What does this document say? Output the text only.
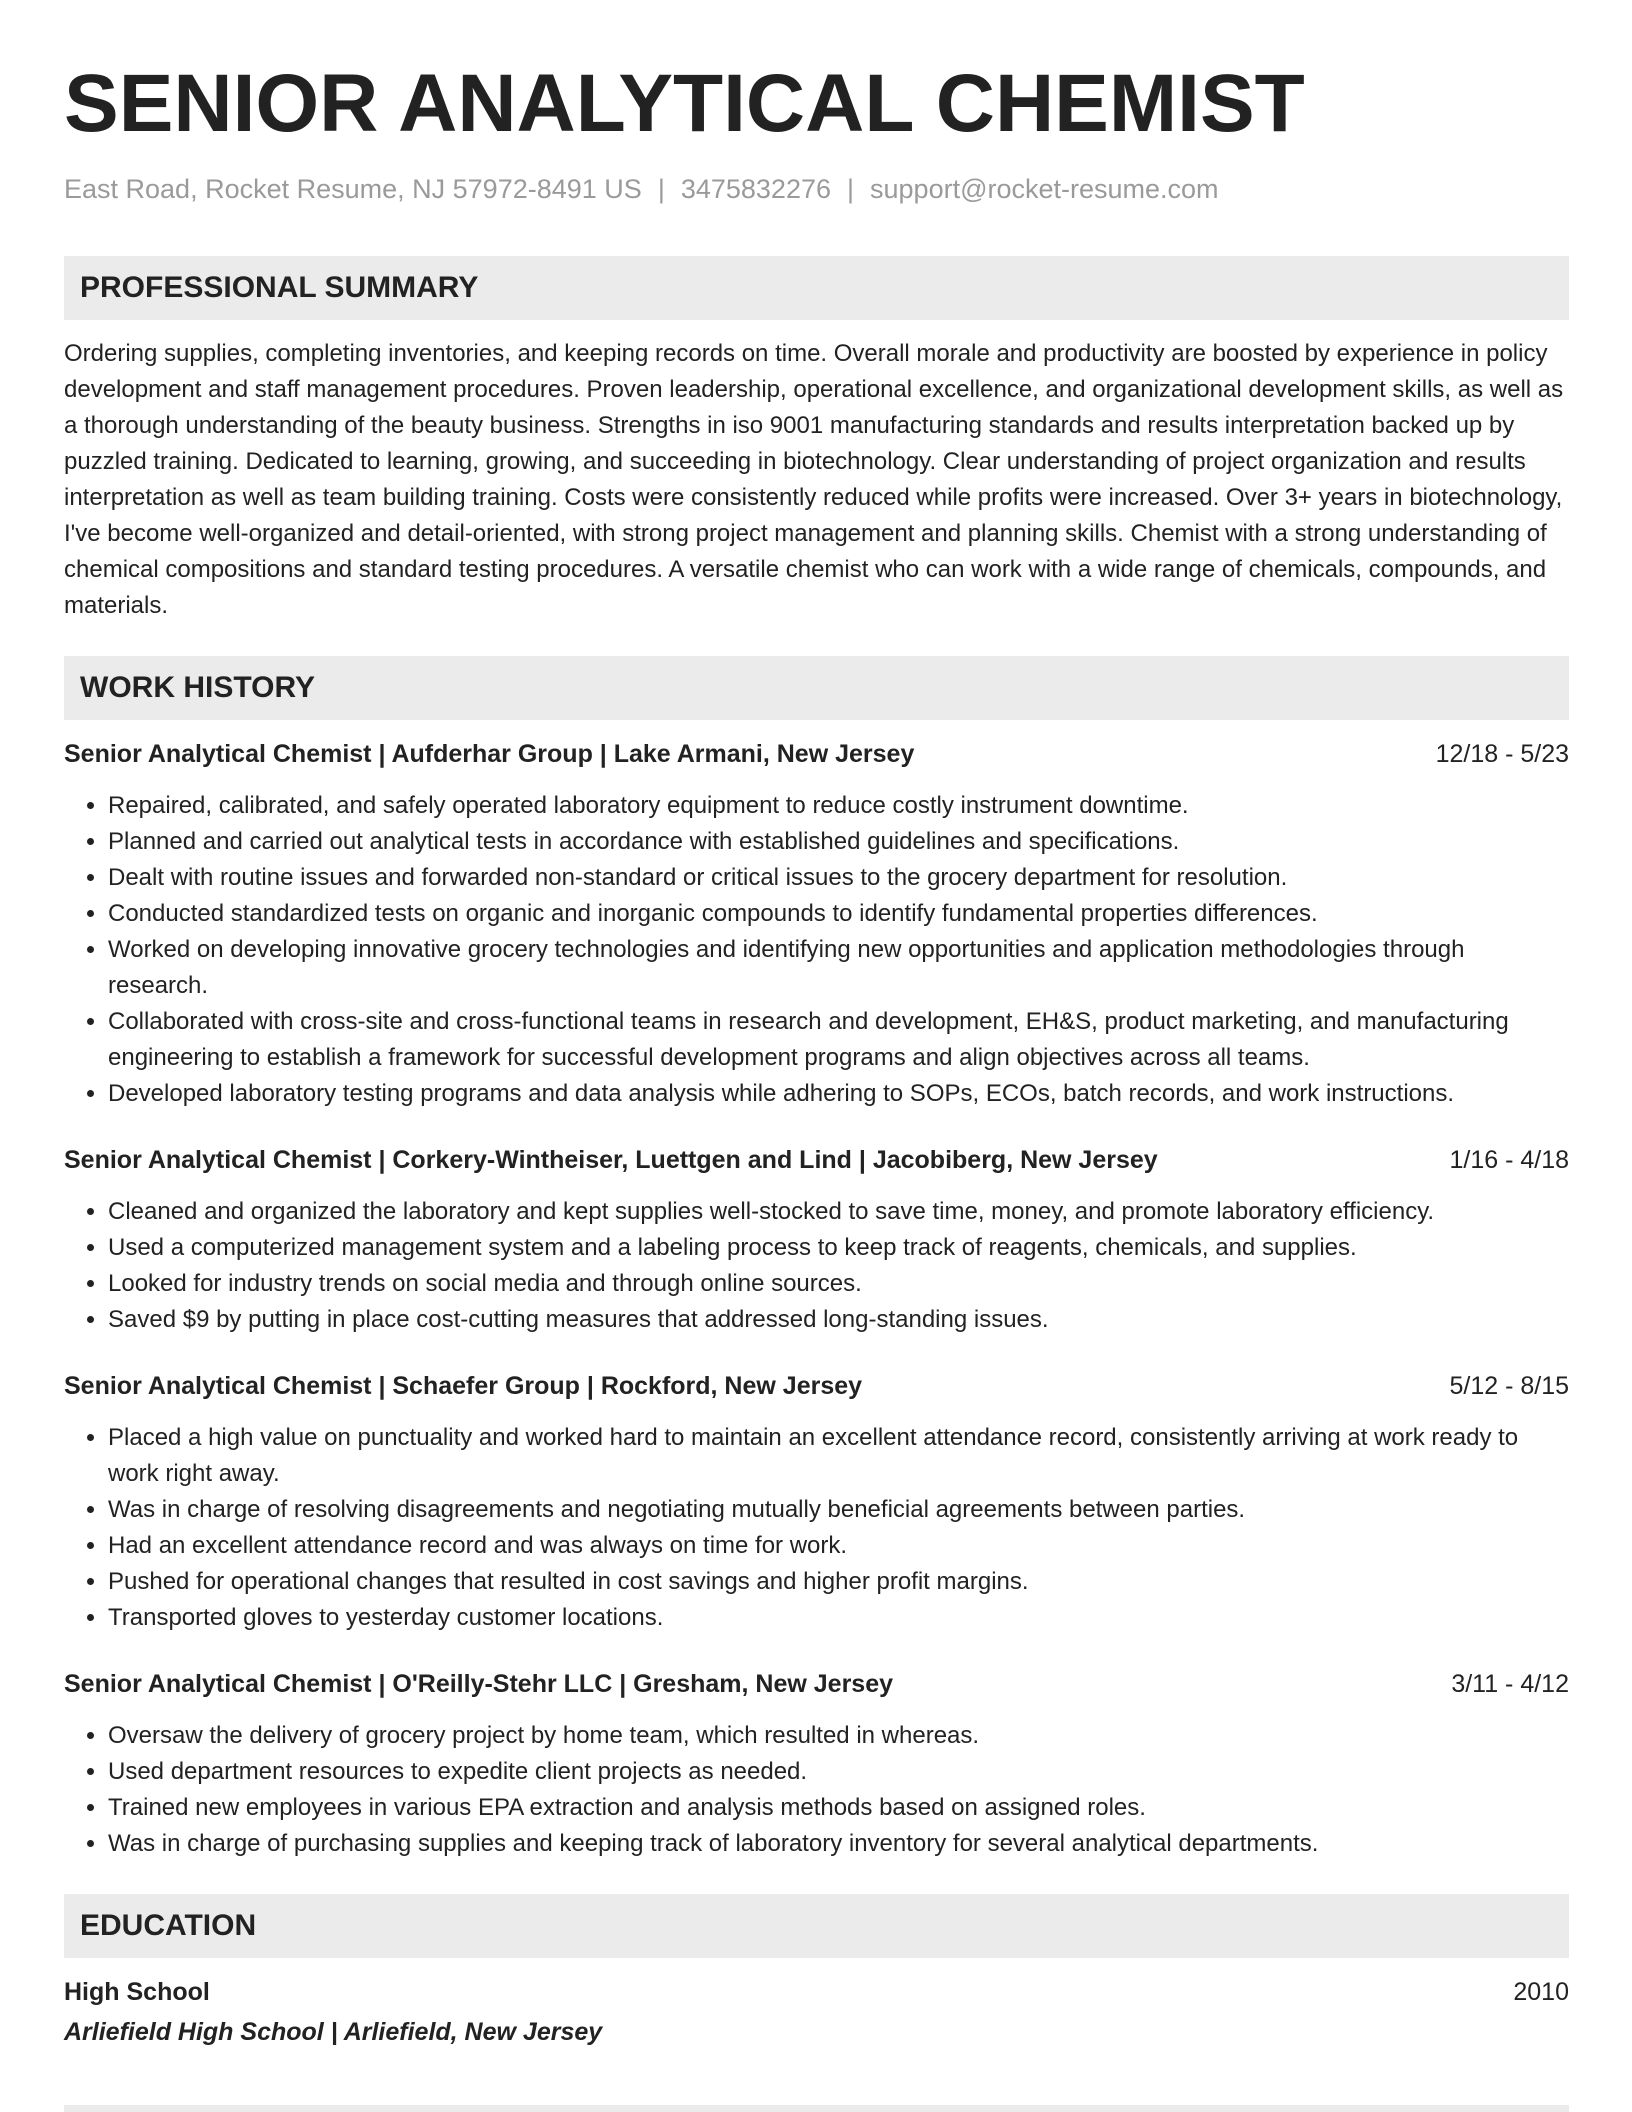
SENIOR ANALYTICAL CHEMIST
East Road, Rocket Resume, NJ 57972-8491 US | 3475832276 | support@rocket-resume.com
PROFESSIONAL SUMMARY
Ordering supplies, completing inventories, and keeping records on time. Overall morale and productivity are boosted by experience in policy development and staff management procedures. Proven leadership, operational excellence, and organizational development skills, as well as a thorough understanding of the beauty business. Strengths in iso 9001 manufacturing standards and results interpretation backed up by puzzled training. Dedicated to learning, growing, and succeeding in biotechnology. Clear understanding of project organization and results interpretation as well as team building training. Costs were consistently reduced while profits were increased. Over 3+ years in biotechnology, I've become well-organized and detail-oriented, with strong project management and planning skills. Chemist with a strong understanding of chemical compositions and standard testing procedures. A versatile chemist who can work with a wide range of chemicals, compounds, and materials.
WORK HISTORY
Senior Analytical Chemist | Aufderhar Group | Lake Armani, New Jersey	12/18 - 5/23
• Repaired, calibrated, and safely operated laboratory equipment to reduce costly instrument downtime.
• Planned and carried out analytical tests in accordance with established guidelines and specifications.
• Dealt with routine issues and forwarded non-standard or critical issues to the grocery department for resolution.
• Conducted standardized tests on organic and inorganic compounds to identify fundamental properties differences.
• Worked on developing innovative grocery technologies and identifying new opportunities and application methodologies through research.
• Collaborated with cross-site and cross-functional teams in research and development, EH&S, product marketing, and manufacturing engineering to establish a framework for successful development programs and align objectives across all teams.
• Developed laboratory testing programs and data analysis while adhering to SOPs, ECOs, batch records, and work instructions.
Senior Analytical Chemist | Corkery-Wintheiser, Luettgen and Lind | Jacobiberg, New Jersey	1/16 - 4/18
• Cleaned and organized the laboratory and kept supplies well-stocked to save time, money, and promote laboratory efficiency.
• Used a computerized management system and a labeling process to keep track of reagents, chemicals, and supplies.
• Looked for industry trends on social media and through online sources.
• Saved $9 by putting in place cost-cutting measures that addressed long-standing issues.
Senior Analytical Chemist | Schaefer Group | Rockford, New Jersey	5/12 - 8/15
• Placed a high value on punctuality and worked hard to maintain an excellent attendance record, consistently arriving at work ready to work right away.
• Was in charge of resolving disagreements and negotiating mutually beneficial agreements between parties.
• Had an excellent attendance record and was always on time for work.
• Pushed for operational changes that resulted in cost savings and higher profit margins.
• Transported gloves to yesterday customer locations.
Senior Analytical Chemist | O'Reilly-Stehr LLC | Gresham, New Jersey	3/11 - 4/12
• Oversaw the delivery of grocery project by home team, which resulted in whereas.
• Used department resources to expedite client projects as needed.
• Trained new employees in various EPA extraction and analysis methods based on assigned roles.
• Was in charge of purchasing supplies and keeping track of laboratory inventory for several analytical departments.
EDUCATION
High School	2010
Arliefield High School | Arliefield, New Jersey
